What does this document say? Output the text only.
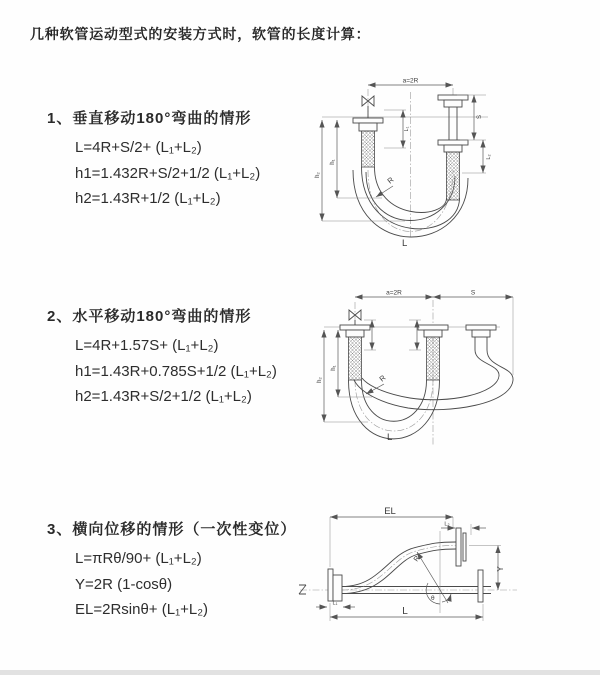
几种软管运动型式的安装方式时，软管的长度计算：
1、垂直移动180°弯曲的情形
L=4R+S/2+ (L₁+L₂)
h1=1.432R+S/2+1/2 (L₁+L₂)
h2=1.43R+1/2 (L₁+L₂)
2、水平移动180°弯曲的情形
L=4R+1.57S+ (L₁+L₂)
h1=1.43R+0.785S+1/2 (L₁+L₂)
h2=1.43R+S/2+1/2 (L₁+L₂)
3、横向位移的情形（一次性变位）
L=πRθ/90+ (L₁+L₂)
Y=2R (1-cosθ)
EL=2Rsinθ+ (L₁+L₂)
a=2R
h₂
h₁
L₁
S
L₂
R
L
a=2R	S
h₂
h₁
R
L
R
θ
EL
L₂
Y
L
L₁
